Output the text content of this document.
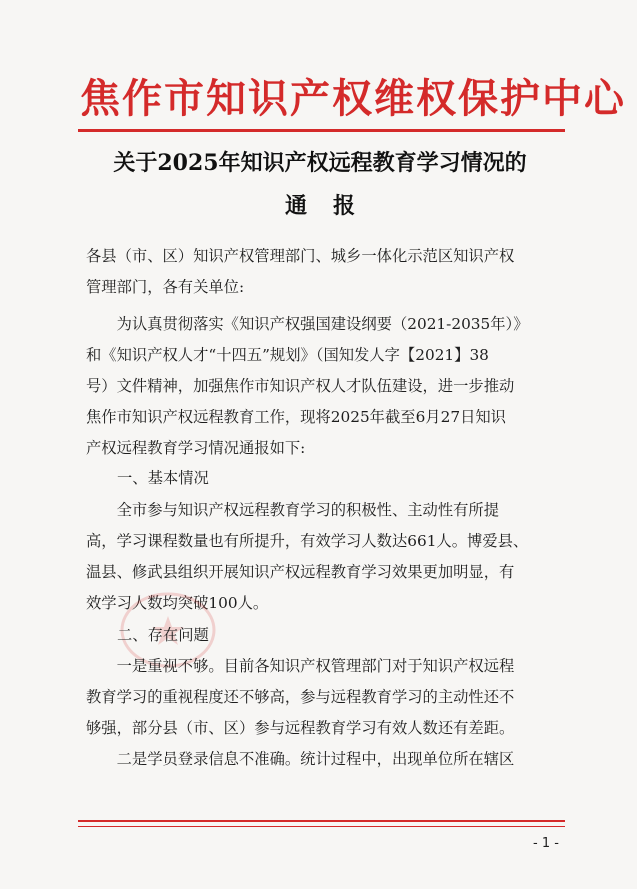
焦作市知识产权维权保护中心
关于2025年知识产权远程教育学习情况的
通报
各县（市、区）知识产权管理部门、城乡一体化示范区知识产权
管理部门，各有关单位:
　　为认真贯彻落实《知识产权强国建设纲要（2021-2035年）》
和《知识产权人才“十四五”规划》（国知发人字【2021】38
号）文件精神，加强焦作市知识产权人才队伍建设，进一步推动
焦作市知识产权远程教育工作，现将2025年截至6月27日知识
产权远程教育学习情况通报如下:
一、基本情况
　　全市参与知识产权远程教育学习的积极性、主动性有所提
高，学习课程数量也有所提升，有效学习人数达661人。博爱县、
温县、修武县组织开展知识产权远程教育学习效果更加明显，有
效学习人数均突破100人。
二、存在问题
　　一是重视不够。目前各知识产权管理部门对于知识产权远程
教育学习的重视程度还不够高，参与远程教育学习的主动性还不
够强，部分县（市、区）参与远程教育学习有效人数还有差距。
　　二是学员登录信息不准确。统计过程中，出现单位所在辖区
- 1 -
